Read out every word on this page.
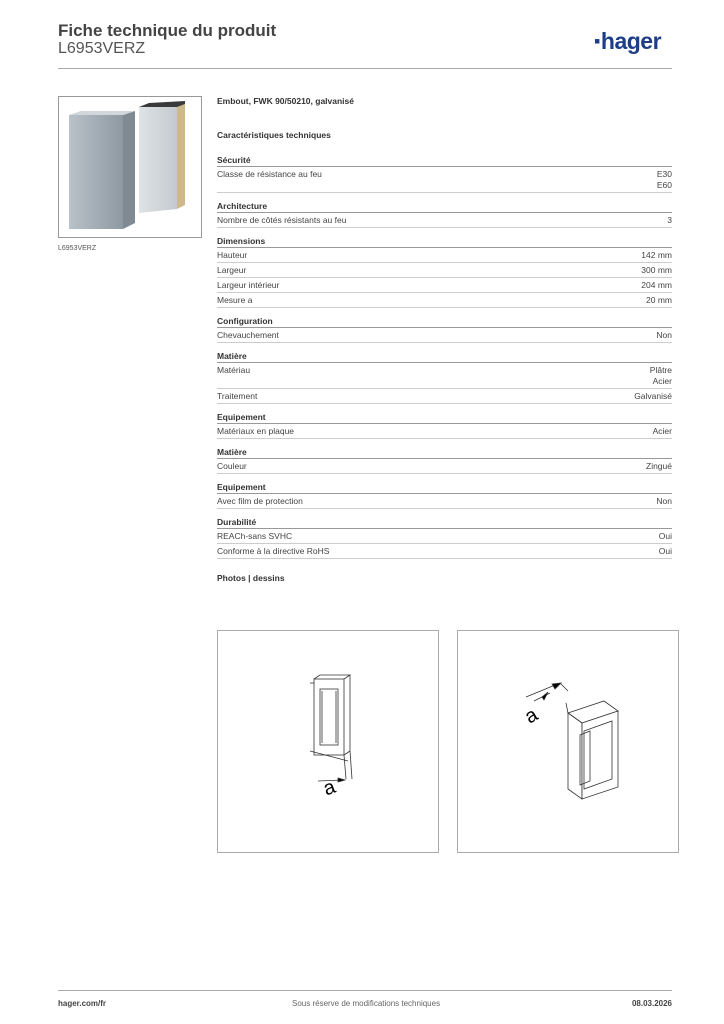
Fiche technique du produit
L6953VERZ	▪hager
L6953VERZ
Embout, FWK 90/50210, galvanisé
Caractéristiques techniques
Sécurité
Classe de résistance au feu	E30
E60
Architecture
Nombre de côtés résistants au feu	3
Dimensions
Hauteur	142 mm
Largeur	300 mm
Largeur intérieur	204 mm
Mesure a	20 mm
Configuration
Chevauchement	Non
Matière
Matériau	Plâtre
Acier
Traitement	Galvanisé
Equipement
Matériaux en plaque	Acier
Matière
Couleur	Zingué
Equipement
Avec film de protection	Non
Durabilité
REACh-sans SVHC	Oui
Conforme à la directive RoHS	Oui
Photos | dessins
a
a
hager.com/fr	Sous réserve de modifications techniques	08.03.2026
